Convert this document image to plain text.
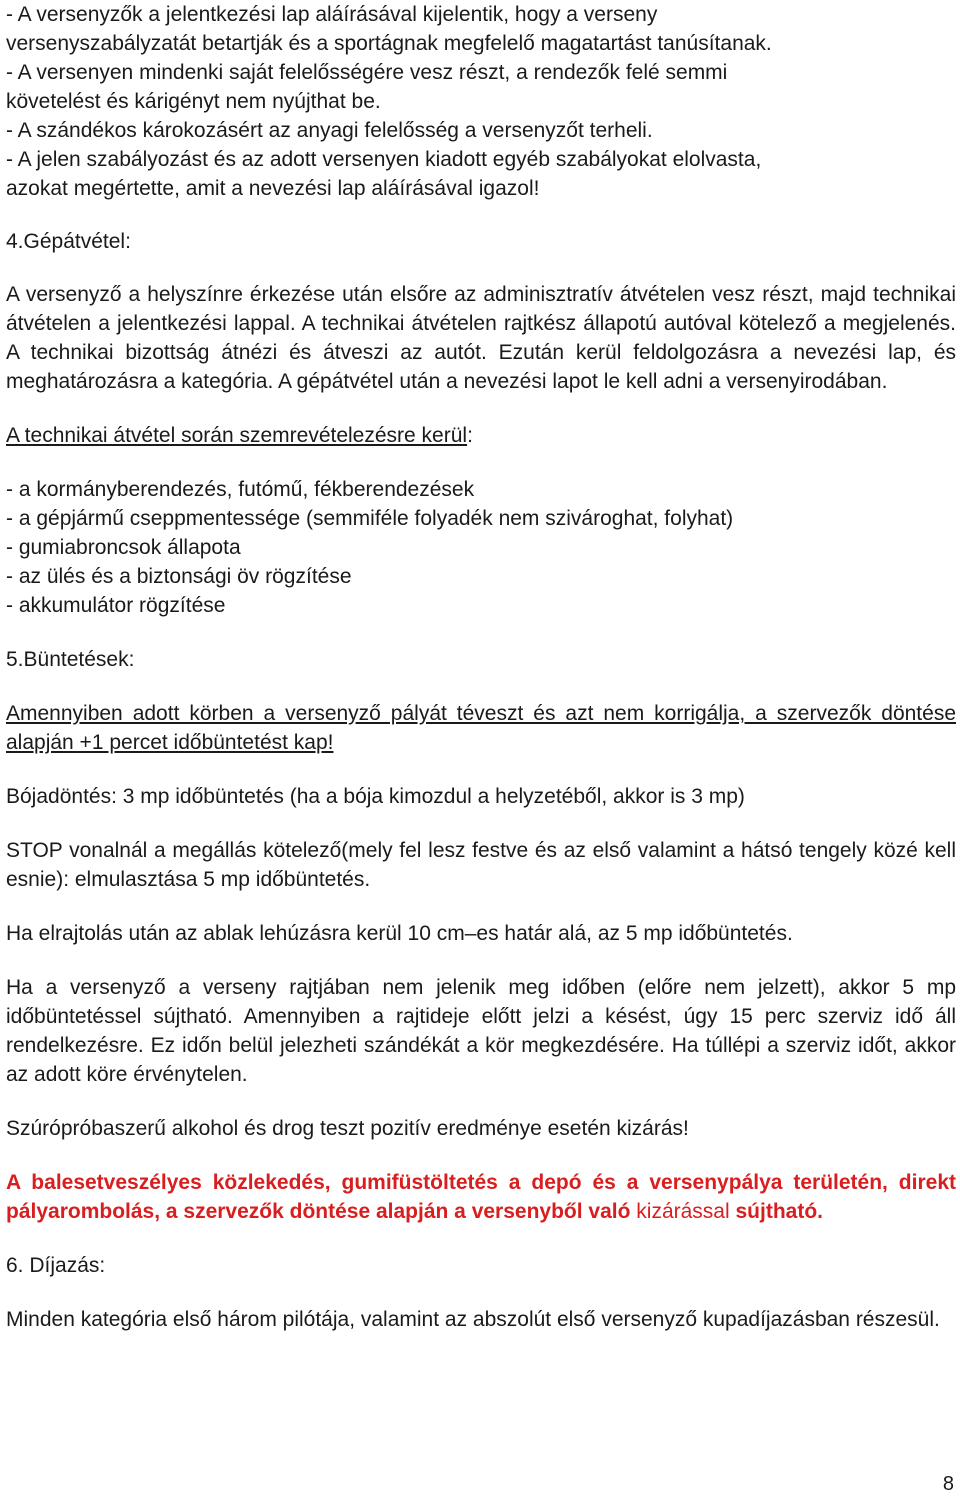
- A versenyzők a jelentkezési lap aláírásával kijelentik, hogy a verseny

versenyszabályzatát betartják és a sportágnak megfelelő magatartást tanúsítanak.

- A versenyen mindenki saját felelősségére vesz részt, a rendezők felé semmi

követelést és kárigényt nem nyújthat be.

- A szándékos károkozásért az anyagi felelősség a versenyzőt terheli.

- A jelen szabályozást és az adott versenyen kiadott egyéb szabályokat elolvasta,

azokat megértette, amit a nevezési lap aláírásával igazol!

4.Gépátvétel:

A versenyző a helyszínre érkezése után elsőre az adminisztratív átvételen vesz részt, majd technikai átvételen a jelentkezési lappal. A technikai átvételen rajtkész állapotú autóval kötelező a megjelenés. A technikai bizottság átnézi és átveszi az autót. Ezután kerül feldolgozásra a nevezési lap, és meghatározásra a kategória. A gépátvétel után a nevezési lapot le kell adni a versenyirodában.

A technikai átvétel során szemrevételezésre kerül:

- a kormányberendezés, futómű, fékberendezések

- a gépjármű cseppmentessége (semmiféle folyadék nem szivároghat, folyhat)

- gumiabroncsok állapota

- az ülés és a biztonsági öv rögzítése

- akkumulátor rögzítése

5.Büntetések:

Amennyiben adott körben a versenyző pályát téveszt és azt nem korrigálja, a szervezők döntése alapján +1 percet időbüntetést kap!

Bójadöntés: 3 mp időbüntetés (ha a bója kimozdul a helyzetéből, akkor is 3 mp)

STOP vonalnál a megállás kötelező(mely fel lesz festve és az első valamint a hátsó tengely közé kell esnie): elmulasztása 5 mp időbüntetés.

Ha elrajtolás után az ablak lehúzásra kerül 10 cm–es határ alá, az 5 mp időbüntetés.

Ha a versenyző a verseny rajtjában nem jelenik meg időben (előre nem jelzett), akkor 5 mp időbüntetéssel sújtható. Amennyiben a rajtideje előtt jelzi a késést, úgy 15 perc szerviz idő áll rendelkezésre. Ez időn belül jelezheti szándékát a kör megkezdésére. Ha túllépi a szerviz időt, akkor az adott köre érvénytelen.

Szúrópróbaszerű alkohol és drog teszt pozitív eredménye esetén kizárás!

A balesetveszélyes közlekedés, gumifüstöltetés a depó és a versenypálya területén, direkt pályarombolás, a szervezők döntése alapján a versenyből való kizárással sújtható.

6. Díjazás:

Minden kategória első három pilótája, valamint az abszolút első versenyző kupadíjazásban részesül.

8
